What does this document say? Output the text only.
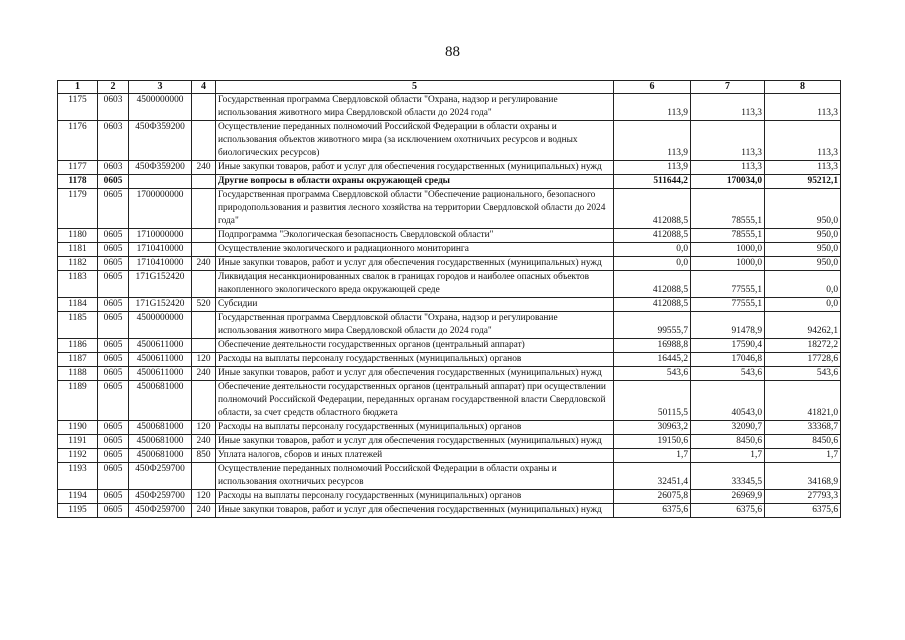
88
1	2	3	4	5	6	7	8
1175	0603	4500000000		Государственная программа Свердловской области "Охрана, надзор и регулирование использования животного мира Свердловской области до 2024 года"	113,9	113,3	113,3
1176	0603	450Ф359200		Осуществление переданных полномочий Российской Федерации в области охраны и использования объектов животного мира (за исключением охотничьих ресурсов и водных биологических ресурсов)	113,9	113,3	113,3
1177	0603	450Ф359200	240	Иные закупки товаров, работ и услуг для обеспечения государственных (муниципальных) нужд	113,9	113,3	113,3
1178	0605			Другие вопросы в области охраны окружающей среды	511644,2	170034,0	95212,1
1179	0605	1700000000		Государственная программа Свердловской области "Обеспечение рационального, безопасного природопользования и развития лесного хозяйства на территории Свердловской области до 2024 года"	412088,5	78555,1	950,0
1180	0605	1710000000		Подпрограмма "Экологическая безопасность Свердловской области"	412088,5	78555,1	950,0
1181	0605	1710410000		Осуществление экологического и радиационного мониторинга	0,0	1000,0	950,0
1182	0605	1710410000	240	Иные закупки товаров, работ и услуг для обеспечения государственных (муниципальных) нужд	0,0	1000,0	950,0
1183	0605	171G152420		Ликвидация несанкционированных свалок в границах городов и наиболее опасных объектов накопленного экологического вреда окружающей среде	412088,5	77555,1	0,0
1184	0605	171G152420	520	Субсидии	412088,5	77555,1	0,0
1185	0605	4500000000		Государственная программа Свердловской области "Охрана, надзор и регулирование использования животного мира Свердловской области до 2024 года"	99555,7	91478,9	94262,1
1186	0605	4500611000		Обеспечение деятельности государственных органов (центральный аппарат)	16988,8	17590,4	18272,2
1187	0605	4500611000	120	Расходы на выплаты персоналу государственных (муниципальных) органов	16445,2	17046,8	17728,6
1188	0605	4500611000	240	Иные закупки товаров, работ и услуг для обеспечения государственных (муниципальных) нужд	543,6	543,6	543,6
1189	0605	4500681000		Обеспечение деятельности государственных органов (центральный аппарат) при осуществлении полномочий Российской Федерации, переданных органам государственной власти Свердловской области, за счет средств областного бюджета	50115,5	40543,0	41821,0
1190	0605	4500681000	120	Расходы на выплаты персоналу государственных (муниципальных) органов	30963,2	32090,7	33368,7
1191	0605	4500681000	240	Иные закупки товаров, работ и услуг для обеспечения государственных (муниципальных) нужд	19150,6	8450,6	8450,6
1192	0605	4500681000	850	Уплата налогов, сборов и иных платежей	1,7	1,7	1,7
1193	0605	450Ф259700		Осуществление переданных полномочий Российской Федерации в области охраны и использования охотничьих ресурсов	32451,4	33345,5	34168,9
1194	0605	450Ф259700	120	Расходы на выплаты персоналу государственных (муниципальных) органов	26075,8	26969,9	27793,3
1195	0605	450Ф259700	240	Иные закупки товаров, работ и услуг для обеспечения государственных (муниципальных) нужд	6375,6	6375,6	6375,6
